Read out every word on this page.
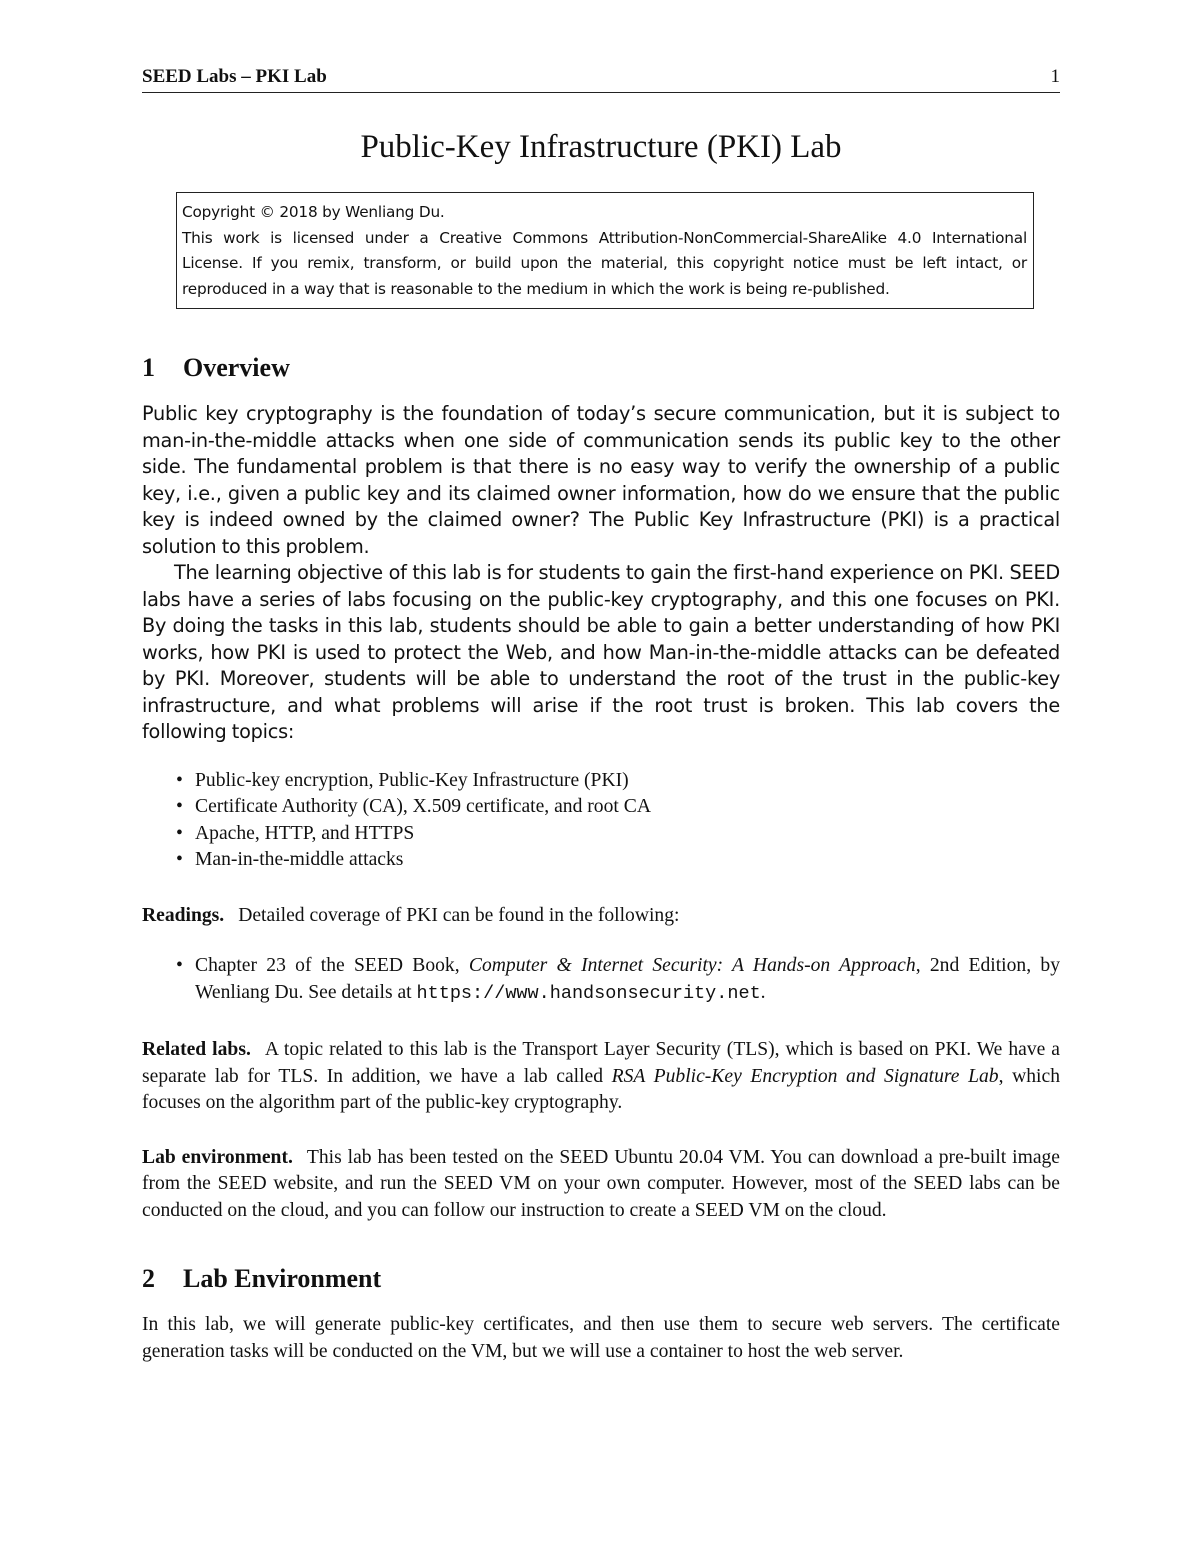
SEED Labs – PKI Lab	1
Public-Key Infrastructure (PKI) Lab
Copyright © 2018 by Wenliang Du.
This work is licensed under a Creative Commons Attribution-NonCommercial-ShareAlike 4.0 International License. If you remix, transform, or build upon the material, this copyright notice must be left intact, or reproduced in a way that is reasonable to the medium in which the work is being re-published.
1 Overview

Public key cryptography is the foundation of today’s secure communication, but it is subject to man-in-the-middle attacks when one side of communication sends its public key to the other side. The fundamental problem is that there is no easy way to verify the ownership of a public key, i.e., given a public key and its claimed owner information, how do we ensure that the public key is indeed owned by the claimed owner? The Public Key Infrastructure (PKI) is a practical solution to this problem.

The learning objective of this lab is for students to gain the first-hand experience on PKI. SEED labs have a series of labs focusing on the public-key cryptography, and this one focuses on PKI. By doing the tasks in this lab, students should be able to gain a better understanding of how PKI works, how PKI is used to protect the Web, and how Man-in-the-middle attacks can be defeated by PKI. Moreover, students will be able to understand the root of the trust in the public-key infrastructure, and what problems will arise if the root trust is broken. This lab covers the following topics:

• Public-key encryption, Public-Key Infrastructure (PKI)
• Certificate Authority (CA), X.509 certificate, and root CA
• Apache, HTTP, and HTTPS
• Man-in-the-middle attacks

Readings. Detailed coverage of PKI can be found in the following:

• Chapter 23 of the SEED Book, Computer & Internet Security: A Hands-on Approach, 2nd Edition, by Wenliang Du. See details at https://www.handsonsecurity.net.

Related labs. A topic related to this lab is the Transport Layer Security (TLS), which is based on PKI. We have a separate lab for TLS. In addition, we have a lab called RSA Public-Key Encryption and Signature Lab, which focuses on the algorithm part of the public-key cryptography.

Lab environment. This lab has been tested on the SEED Ubuntu 20.04 VM. You can download a pre-built image from the SEED website, and run the SEED VM on your own computer. However, most of the SEED labs can be conducted on the cloud, and you can follow our instruction to create a SEED VM on the cloud.

2 Lab Environment

In this lab, we will generate public-key certificates, and then use them to secure web servers. The certificate generation tasks will be conducted on the VM, but we will use a container to host the web server.
